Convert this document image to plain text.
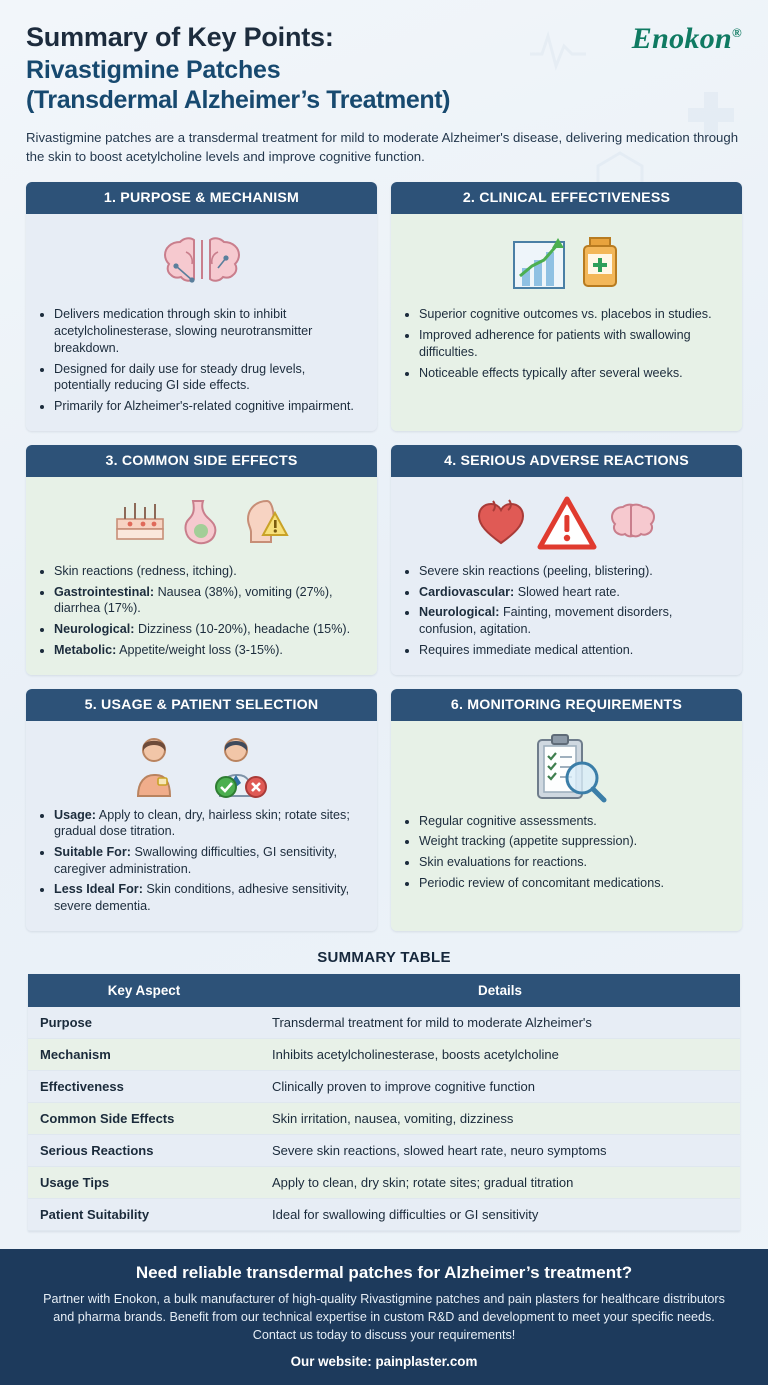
Summary of Key Points:
Rivastigmine Patches
(Transdermal Alzheimer’s Treatment)
Enokon®
Rivastigmine patches are a transdermal treatment for mild to moderate Alzheimer's disease, delivering medication through the skin to boost acetylcholine levels and improve cognitive function.
1. PURPOSE & MECHANISM
• Delivers medication through skin to inhibit acetylcholinesterase, slowing neurotransmitter breakdown.
• Designed for daily use for steady drug levels, potentially reducing GI side effects.
• Primarily for Alzheimer's-related cognitive impairment.
2. CLINICAL EFFECTIVENESS
• Superior cognitive outcomes vs. placebos in studies.
• Improved adherence for patients with swallowing difficulties.
• Noticeable effects typically after several weeks.
3. COMMON SIDE EFFECTS
• Skin reactions (redness, itching).
• Gastrointestinal: Nausea (38%), vomiting (27%), diarrhea (17%).
• Neurological: Dizziness (10-20%), headache (15%).
• Metabolic: Appetite/weight loss (3-15%).
4. SERIOUS ADVERSE REACTIONS
• Severe skin reactions (peeling, blistering).
• Cardiovascular: Slowed heart rate.
• Neurological: Fainting, movement disorders, confusion, agitation.
• Requires immediate medical attention.
5. USAGE & PATIENT SELECTION
• Usage: Apply to clean, dry, hairless skin; rotate sites; gradual dose titration.
• Suitable For: Swallowing difficulties, GI sensitivity, caregiver administration.
• Less Ideal For: Skin conditions, adhesive sensitivity, severe dementia.
6. MONITORING REQUIREMENTS
• Regular cognitive assessments.
• Weight tracking (appetite suppression).
• Skin evaluations for reactions.
• Periodic review of concomitant medications.
SUMMARY TABLE
Key Aspect	Details
Purpose	Transdermal treatment for mild to moderate Alzheimer's
Mechanism	Inhibits acetylcholinesterase, boosts acetylcholine
Effectiveness	Clinically proven to improve cognitive function
Common Side Effects	Skin irritation, nausea, vomiting, dizziness
Serious Reactions	Severe skin reactions, slowed heart rate, neuro symptoms
Usage Tips	Apply to clean, dry skin; rotate sites; gradual titration
Patient Suitability	Ideal for swallowing difficulties or GI sensitivity
Need reliable transdermal patches for Alzheimer’s treatment?
Partner with Enokon, a bulk manufacturer of high-quality Rivastigmine patches and pain plasters for healthcare distributors and pharma brands. Benefit from our technical expertise in custom R&D and development to meet your specific needs. Contact us today to discuss your requirements!
Our website: painplaster.com
